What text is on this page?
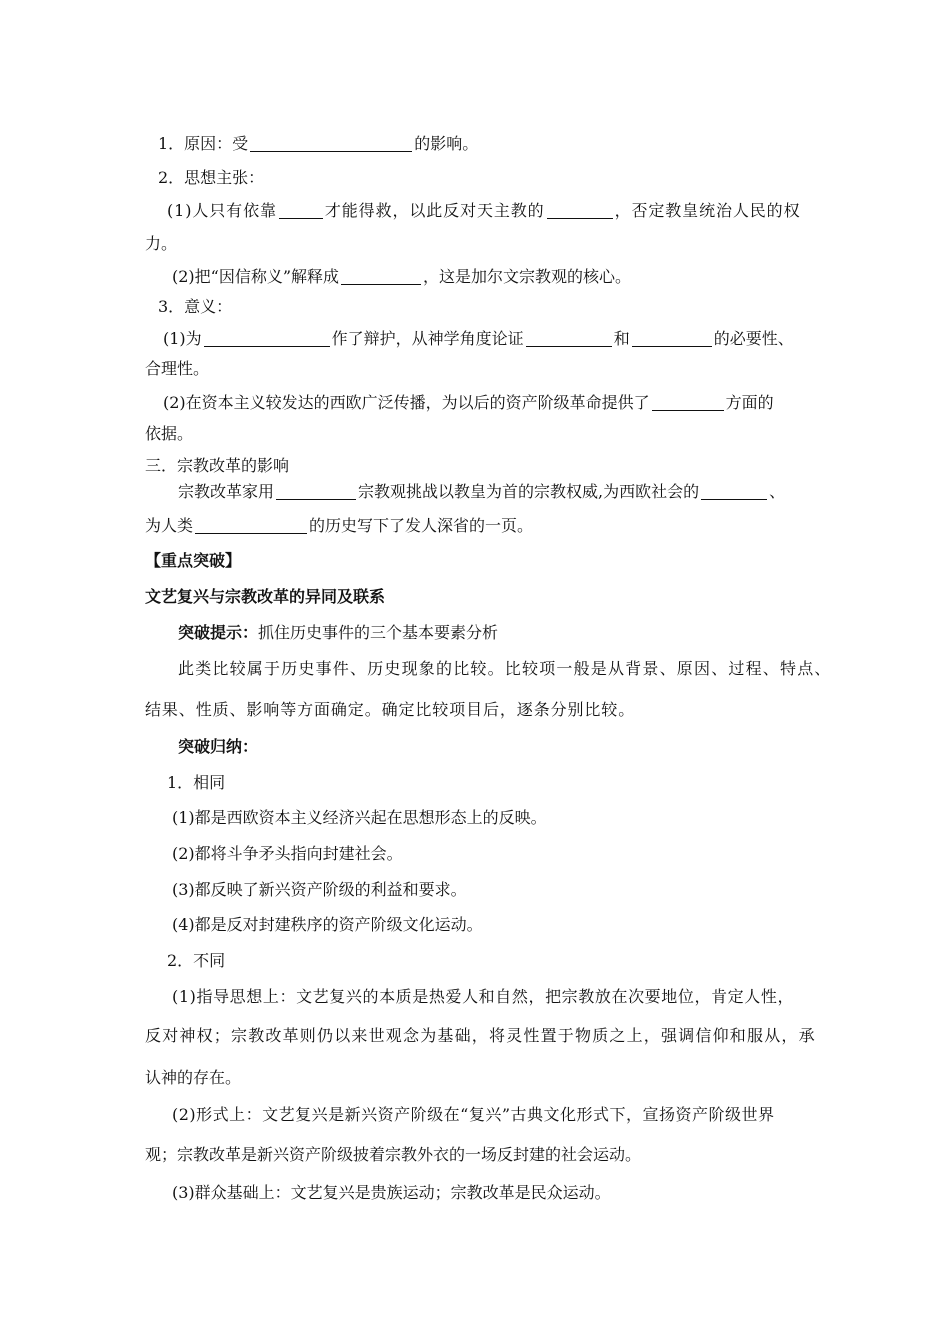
1．原因：受	的影响。
2．思想主张：
(1)人只有依靠	才能得救，以此反对天主教的	，否定教皇统治人民的权
力。
(2)把“因信称义”解释成	，这是加尔文宗教观的核心。
3．意义：
(1)为	作了辩护，从神学角度论证	和	的必要性、
合理性。
(2)在资本主义较发达的西欧广泛传播，为以后的资产阶级革命提供了	方面的
依据。
三．宗教改革的影响
宗教改革家用	宗教观挑战以教皇为首的宗教权威,为西欧社会的	、
为人类	的历史写下了发人深省的一页。
【重点突破】
文艺复兴与宗教改革的异同及联系
突破提示：抓住历史事件的三个基本要素分析
此类比较属于历史事件、历史现象的比较。比较项一般是从背景、原因、过程、特点、
结果、性质、影响等方面确定。确定比较项目后，逐条分别比较。
突破归纳：
1．相同
(1)都是西欧资本主义经济兴起在思想形态上的反映。
(2)都将斗争矛头指向封建社会。
(3)都反映了新兴资产阶级的利益和要求。
(4)都是反对封建秩序的资产阶级文化运动。
2．不同
(1)指导思想上：文艺复兴的本质是热爱人和自然，把宗教放在次要地位，肯定人性，
反对神权；宗教改革则仍以来世观念为基础，将灵性置于物质之上，强调信仰和服从，承
认神的存在。
(2)形式上：文艺复兴是新兴资产阶级在“复兴”古典文化形式下，宣扬资产阶级世界
观；宗教改革是新兴资产阶级披着宗教外衣的一场反封建的社会运动。
(3)群众基础上：文艺复兴是贵族运动；宗教改革是民众运动。
